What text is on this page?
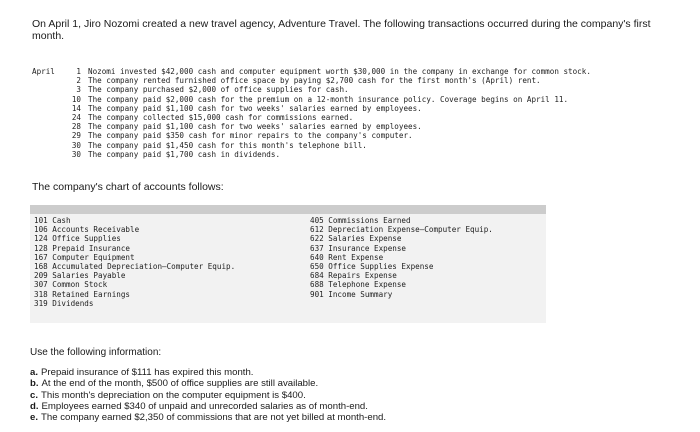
On April 1, Jiro Nozomi created a new travel agency, Adventure Travel. The following transactions occurred during the company's first month.
April	1 Nozomi invested $42,000 cash and computer equipment worth $30,000 in the company in exchange for common stock.
2 The company rented furnished office space by paying $2,700 cash for the first month's (April) rent.
3 The company purchased $2,000 of office supplies for cash.
10 The company paid $2,000 cash for the premium on a 12-month insurance policy. Coverage begins on April 11.
14 The company paid $1,100 cash for two weeks' salaries earned by employees.
24 The company collected $15,000 cash for commissions earned.
28 The company paid $1,100 cash for two weeks' salaries earned by employees.
29 The company paid $350 cash for minor repairs to the company's computer.
30 The company paid $1,450 cash for this month's telephone bill.
30 The company paid $1,700 cash in dividends.
The company's chart of accounts follows:
101 Cash
106 Accounts Receivable
124 Office Supplies
128 Prepaid Insurance
167 Computer Equipment
168 Accumulated Depreciation—Computer Equip.
209 Salaries Payable
307 Common Stock
318 Retained Earnings
319 Dividends
405 Commissions Earned
612 Depreciation Expense—Computer Equip.
622 Salaries Expense
637 Insurance Expense
640 Rent Expense
650 Office Supplies Expense
684 Repairs Expense
688 Telephone Expense
901 Income Summary
Use the following information:
a. Prepaid insurance of $111 has expired this month.
b. At the end of the month, $500 of office supplies are still available.
c. This month's depreciation on the computer equipment is $400.
d. Employees earned $340 of unpaid and unrecorded salaries as of month-end.
e. The company earned $2,350 of commissions that are not yet billed at month-end.
